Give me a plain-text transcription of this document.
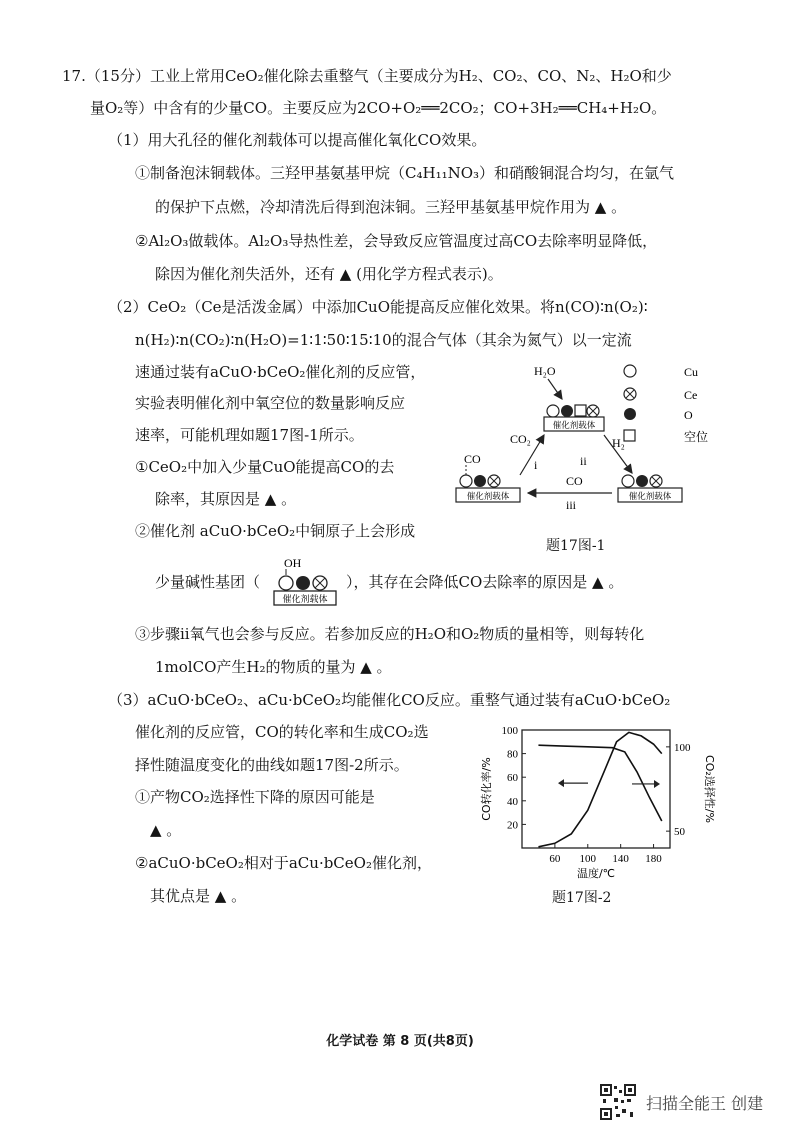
17.（15分）工业上常用CeO₂催化除去重整气（主要成分为H₂、CO₂、CO、N₂、H₂O和少
量O₂等）中含有的少量CO。主要反应为2CO+O₂══2CO₂；CO+3H₂══CH₄+H₂O。
（1）用大孔径的催化剂载体可以提高催化氧化CO效果。
①制备泡沫铜载体。三羟甲基氨基甲烷（C₄H₁₁NO₃）和硝酸铜混合均匀，在氩气
的保护下点燃，冷却清洗后得到泡沫铜。三羟甲基氨基甲烷作用为 ▲ 。
②Al₂O₃做载体。Al₂O₃导热性差，会导致反应管温度过高CO去除率明显降低，
除因为催化剂失活外，还有 ▲ (用化学方程式表示)。
（2）CeO₂（Ce是活泼金属）中添加CuO能提高反应催化效果。将n(CO)∶n(O₂)∶
n(H₂)∶n(CO₂)∶n(H₂O)=1∶1∶50∶15∶10的混合气体（其余为氮气）以一定流
速通过装有aCuO·bCeO₂催化剂的反应管，
实验表明催化剂中氧空位的数量影响反应
速率，可能机理如题17图-1所示。
①CeO₂中加入少量CuO能提高CO的去
除率，其原因是 ▲ 。
②催化剂 aCuO·bCeO₂中铜原子上会形成
少量碱性基团（
OH
催化剂载体
），其存在会降低CO去除率的原因是 ▲ 。
③步骤ii氧气也会参与反应。若参加反应的H₂O和O₂物质的量相等，则每转化
1molCO产生H₂的物质的量为 ▲ 。
（3）aCuO·bCeO₂、aCu·bCeO₂均能催化CO反应。重整气通过装有aCuO·bCeO₂
催化剂的反应管，CO的转化率和生成CO₂选
择性随温度变化的曲线如题17图-2所示。
①产物CO₂选择性下降的原因可能是
▲ 。
②aCuO·bCeO₂相对于aCu·bCeO₂催化剂，
其优点是 ▲ 。
H₂O
催化剂载体
Cu
Ce
O
空位
CO₂
i
H₂
ii
CO
催化剂载体
CO
iii
催化剂载体
题17图-1
60 100 140 180
20
40
60
80
100
50
100
温度/℃
CO转化率/%	CO₂选择性/%
题17图-2
化学试卷 第 8 页(共8页)
扫描全能王 创建
